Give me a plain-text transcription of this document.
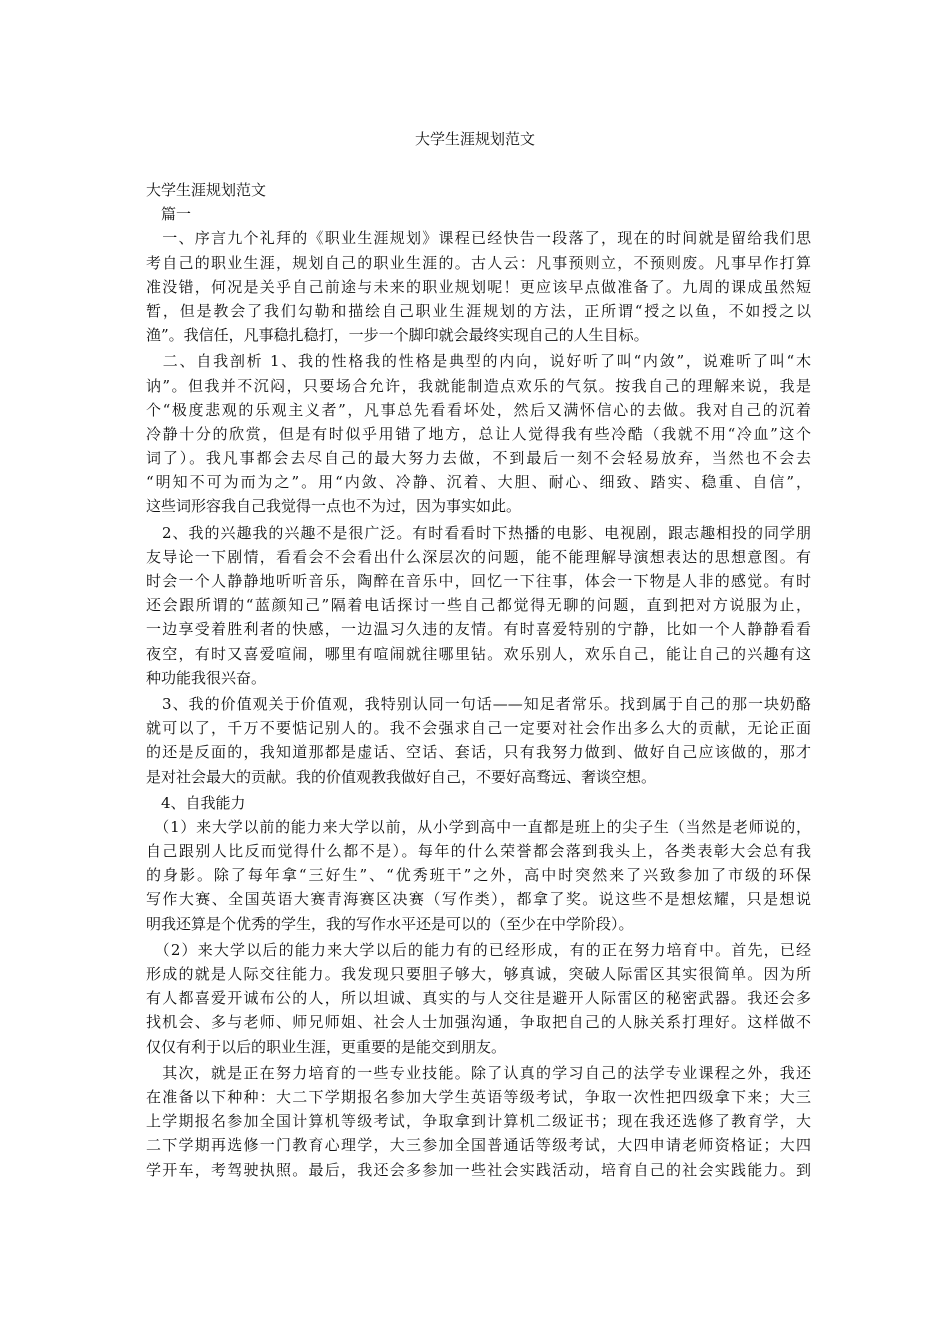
大学生涯规划范文
大学生涯规划范文
　篇一
　一、序言九个礼拜的《职业生涯规划》课程已经快告一段落了，现在的时间就是留给我们思
考自己的职业生涯，规划自己的职业生涯的。古人云：凡事预则立，不预则废。凡事早作打算
准没错，何况是关乎自己前途与未来的职业规划呢！更应该早点做准备了。九周的课成虽然短
暂，但是教会了我们勾勒和描绘自己职业生涯规划的方法，正所谓“授之以鱼，不如授之以
渔”。我信任，凡事稳扎稳打，一步一个脚印就会最终实现自己的人生目标。
　二、自我剖析 1、我的性格我的性格是典型的内向，说好听了叫“内敛”，说难听了叫“木
讷”。但我并不沉闷，只要场合允许，我就能制造点欢乐的气氛。按我自己的理解来说，我是
个“极度悲观的乐观主义者”，凡事总先看看坏处，然后又满怀信心的去做。我对自己的沉着
冷静十分的欣赏，但是有时似乎用错了地方，总让人觉得我有些冷酷（我就不用“冷血”这个
词了）。我凡事都会去尽自己的最大努力去做，不到最后一刻不会轻易放弃，当然也不会去
“明知不可为而为之”。用“内敛、冷静、沉着、大胆、耐心、细致、踏实、稳重、自信”，
这些词形容我自己我觉得一点也不为过，因为事实如此。
　2、我的兴趣我的兴趣不是很广泛。有时看看时下热播的电影、电视剧，跟志趣相投的同学朋
友导论一下剧情，看看会不会看出什么深层次的问题，能不能理解导演想表达的思想意图。有
时会一个人静静地听听音乐，陶醉在音乐中，回忆一下往事，体会一下物是人非的感觉。有时
还会跟所谓的“蓝颜知己”隔着电话探讨一些自己都觉得无聊的问题，直到把对方说服为止，
一边享受着胜利者的快感，一边温习久违的友情。有时喜爱特别的宁静，比如一个人静静看看
夜空，有时又喜爱喧闹，哪里有喧闹就往哪里钻。欢乐别人，欢乐自己，能让自己的兴趣有这
种功能我很兴奋。
　3、我的价值观关于价值观，我特别认同一句话——知足者常乐。找到属于自己的那一块奶酪
就可以了，千万不要惦记别人的。我不会强求自己一定要对社会作出多么大的贡献，无论正面
的还是反面的，我知道那都是虚话、空话、套话，只有我努力做到、做好自己应该做的，那才
是对社会最大的贡献。我的价值观教我做好自己，不要好高骛远、奢谈空想。
　4、自我能力
　（1）来大学以前的能力来大学以前，从小学到高中一直都是班上的尖子生（当然是老师说的，
自己跟别人比反而觉得什么都不是）。每年的什么荣誉都会落到我头上，各类表彰大会总有我
的身影。除了每年拿“三好生”、“优秀班干”之外，高中时突然来了兴致参加了市级的环保
写作大赛、全国英语大赛青海赛区决赛（写作类），都拿了奖。说这些不是想炫耀，只是想说
明我还算是个优秀的学生，我的写作水平还是可以的（至少在中学阶段）。
　（2）来大学以后的能力来大学以后的能力有的已经形成，有的正在努力培育中。首先，已经
形成的就是人际交往能力。我发现只要胆子够大，够真诚，突破人际雷区其实很简单。因为所
有人都喜爱开诚布公的人，所以坦诚、真实的与人交往是避开人际雷区的秘密武器。我还会多
找机会、多与老师、师兄师姐、社会人士加强沟通，争取把自己的人脉关系打理好。这样做不
仅仅有利于以后的职业生涯，更重要的是能交到朋友。
　其次，就是正在努力培育的一些专业技能。除了认真的学习自己的法学专业课程之外，我还
在准备以下种种：大二下学期报名参加大学生英语等级考试，争取一次性把四级拿下来；大三
上学期报名参加全国计算机等级考试，争取拿到计算机二级证书；现在我还选修了教育学，大
二下学期再选修一门教育心理学，大三参加全国普通话等级考试，大四申请老师资格证；大四
学开车，考驾驶执照。最后，我还会多参加一些社会实践活动，培育自己的社会实践能力。到
